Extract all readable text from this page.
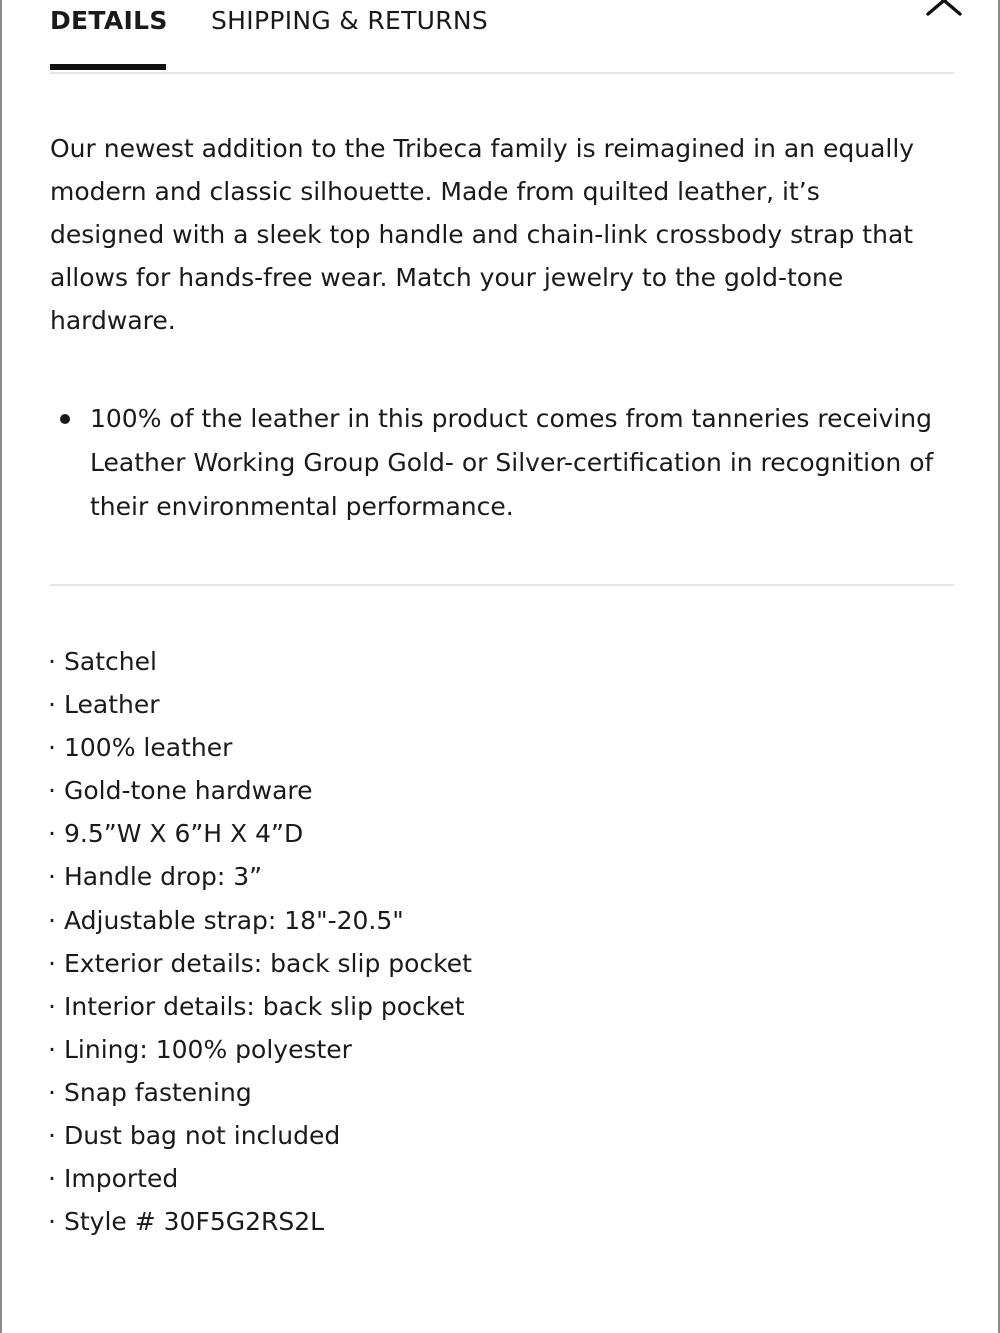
DETAILS SHIPPING & RETURNS

Our newest addition to the Tribeca family is reimagined in an equally modern and classic silhouette. Made from quilted leather, it’s designed with a sleek top handle and chain-link crossbody strap that allows for hands-free wear. Match your jewelry to the gold-tone hardware.

100% of the leather in this product comes from tanneries receiving Leather Working Group Gold- or Silver-certification in recognition of their environmental performance.
· Satchel
· Leather
· 100% leather
· Gold-tone hardware
· 9.5”W X 6”H X 4”D
· Handle drop: 3”
· Adjustable strap: 18"-20.5"
· Exterior details: back slip pocket
· Interior details: back slip pocket
· Lining: 100% polyester
· Snap fastening
· Dust bag not included
· Imported
· Style # 30F5G2RS2L
